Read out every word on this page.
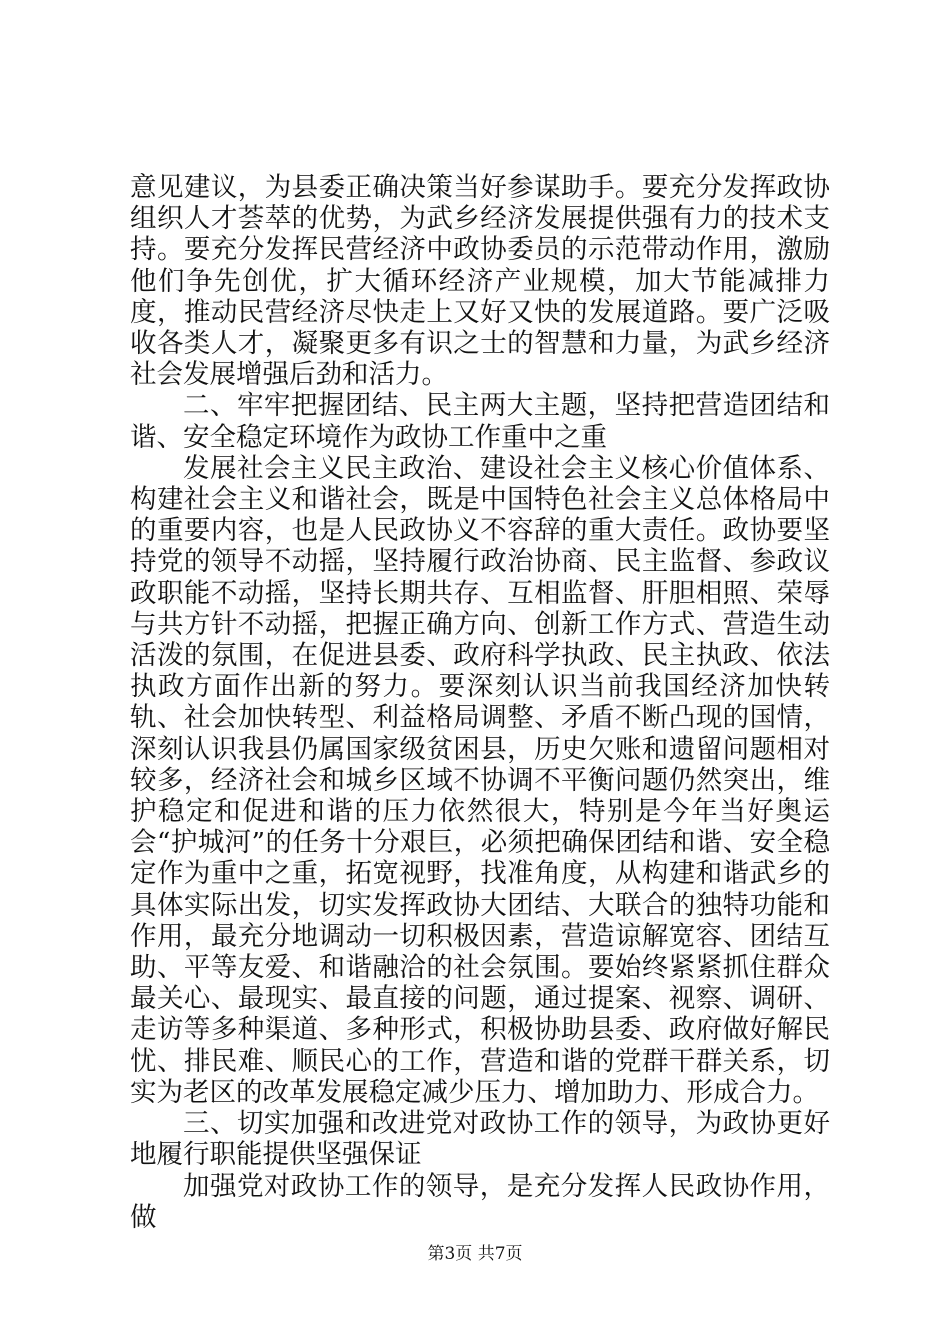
意见建议，为县委正确决策当好参谋助手。要充分发挥政协组织人才荟萃的优势，为武乡经济发展提供强有力的技术支持。要充分发挥民营经济中政协委员的示范带动作用，激励他们争先创优，扩大循环经济产业规模，加大节能减排力度，推动民营经济尽快走上又好又快的发展道路。要广泛吸收各类人才，凝聚更多有识之士的智慧和力量，为武乡经济社会发展增强后劲和活力。

二、牢牢把握团结、民主两大主题，坚持把营造团结和谐、安全稳定环境作为政协工作重中之重

发展社会主义民主政治、建设社会主义核心价值体系、构建社会主义和谐社会，既是中国特色社会主义总体格局中的重要内容，也是人民政协义不容辞的重大责任。政协要坚持党的领导不动摇，坚持履行政治协商、民主监督、参政议政职能不动摇，坚持长期共存、互相监督、肝胆相照、荣辱与共方针不动摇，把握正确方向、创新工作方式、营造生动活泼的氛围，在促进县委、政府科学执政、民主执政、依法执政方面作出新的努力。要深刻认识当前我国经济加快转轨、社会加快转型、利益格局调整、矛盾不断凸现的国情，深刻认识我县仍属国家级贫困县，历史欠账和遗留问题相对较多，经济社会和城乡区域不协调不平衡问题仍然突出，维护稳定和促进和谐的压力依然很大，特别是今年当好奥运会“护城河”的任务十分艰巨，必须把确保团结和谐、安全稳定作为重中之重，拓宽视野，找准角度，从构建和谐武乡的具体实际出发，切实发挥政协大团结、大联合的独特功能和作用，最充分地调动一切积极因素，营造谅解宽容、团结互助、平等友爱、和谐融洽的社会氛围。要始终紧紧抓住群众最关心、最现实、最直接的问题，通过提案、视察、调研、走访等多种渠道、多种形式，积极协助县委、政府做好解民忧、排民难、顺民心的工作，营造和谐的党群干群关系，切实为老区的改革发展稳定减少压力、增加助力、形成合力。

三、切实加强和改进党对政协工作的领导，为政协更好地履行职能提供坚强保证

加强党对政协工作的领导，是充分发挥人民政协作用，做

第3页 共7页
